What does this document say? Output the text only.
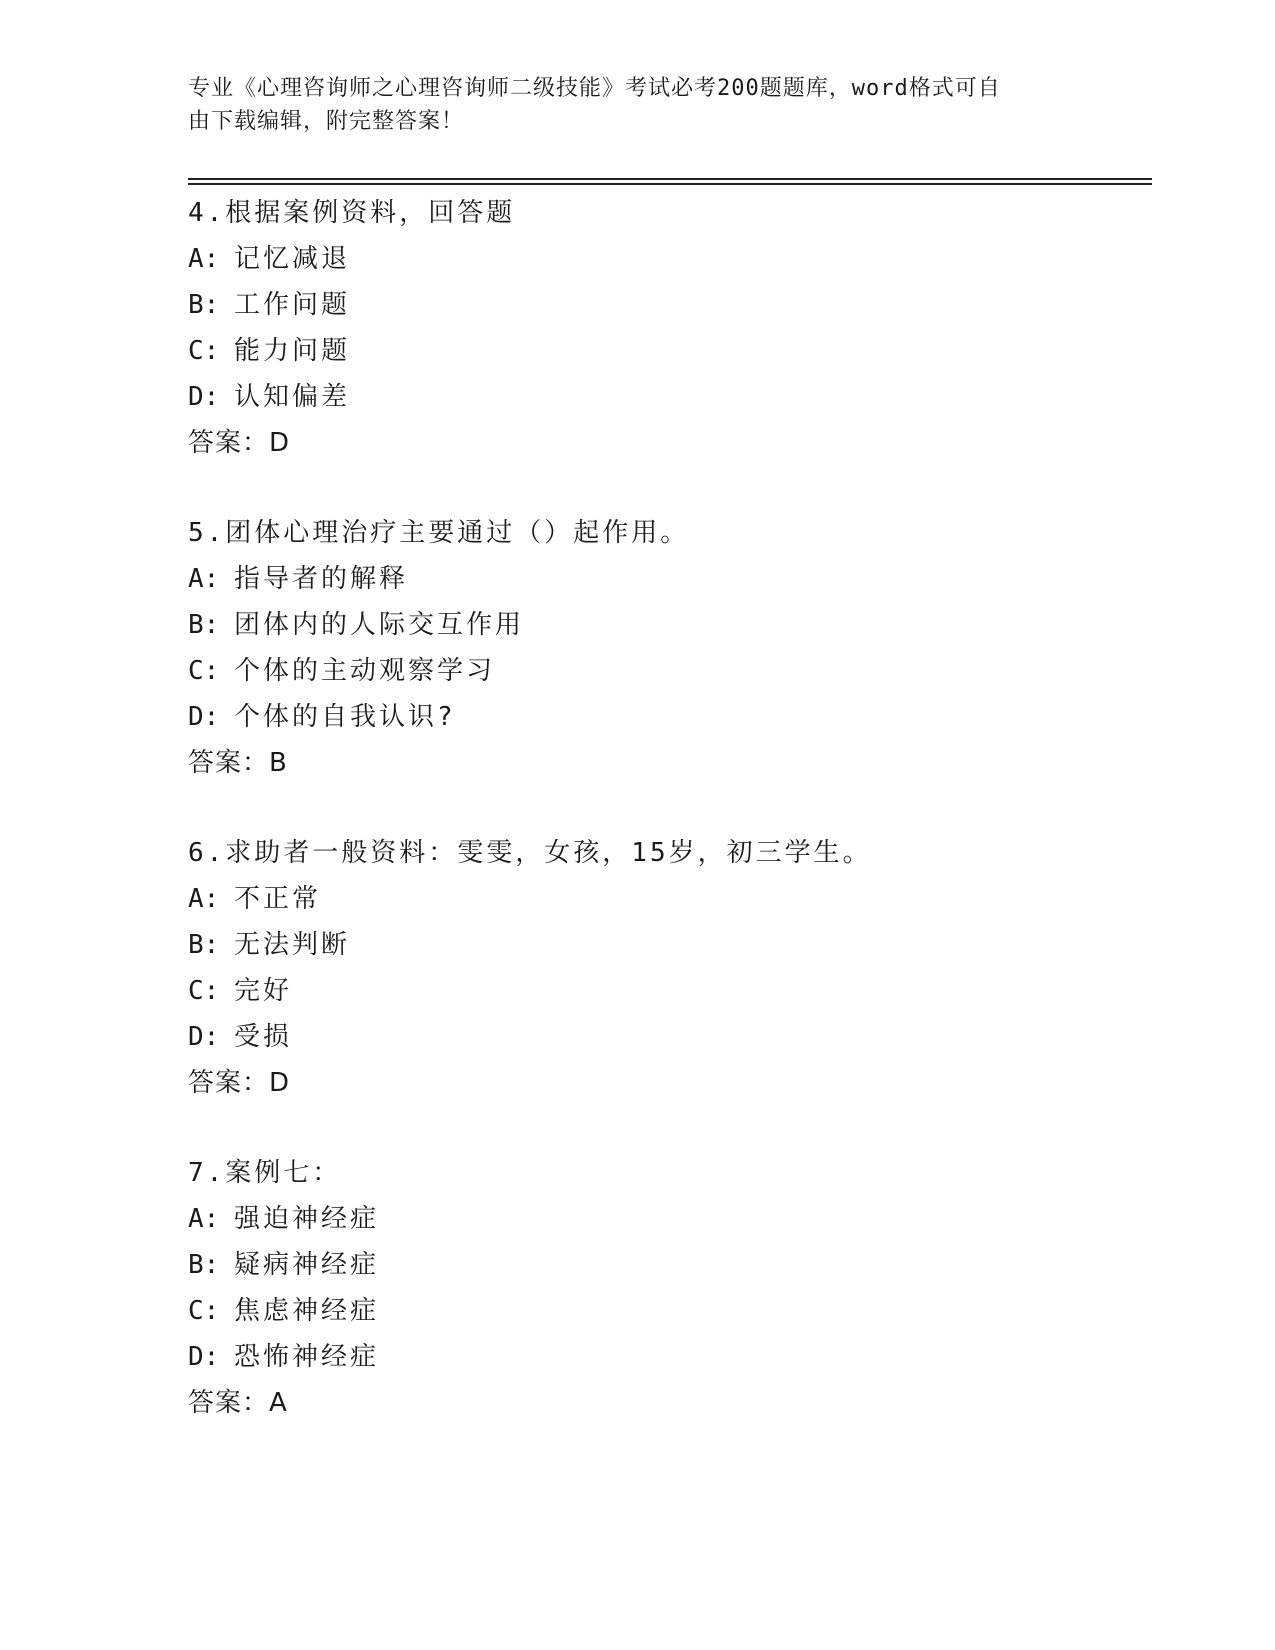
专业《心理咨询师之心理咨询师二级技能》考试必考200题题库，word格式可自
由下载编辑，附完整答案！
4.根据案例资料，回答题
A: 记忆减退
B: 工作问题
C: 能力问题
D: 认知偏差
答案：D
5.团体心理治疗主要通过（）起作用。
A: 指导者的解释
B: 团体内的人际交互作用
C: 个体的主动观察学习
D: 个体的自我认识?
答案：B
6.求助者一般资料：雯雯，女孩，15岁，初三学生。
A: 不正常
B: 无法判断
C: 完好
D: 受损
答案：D
7.案例七：
A: 强迫神经症
B: 疑病神经症
C: 焦虑神经症
D: 恐怖神经症
答案：A
